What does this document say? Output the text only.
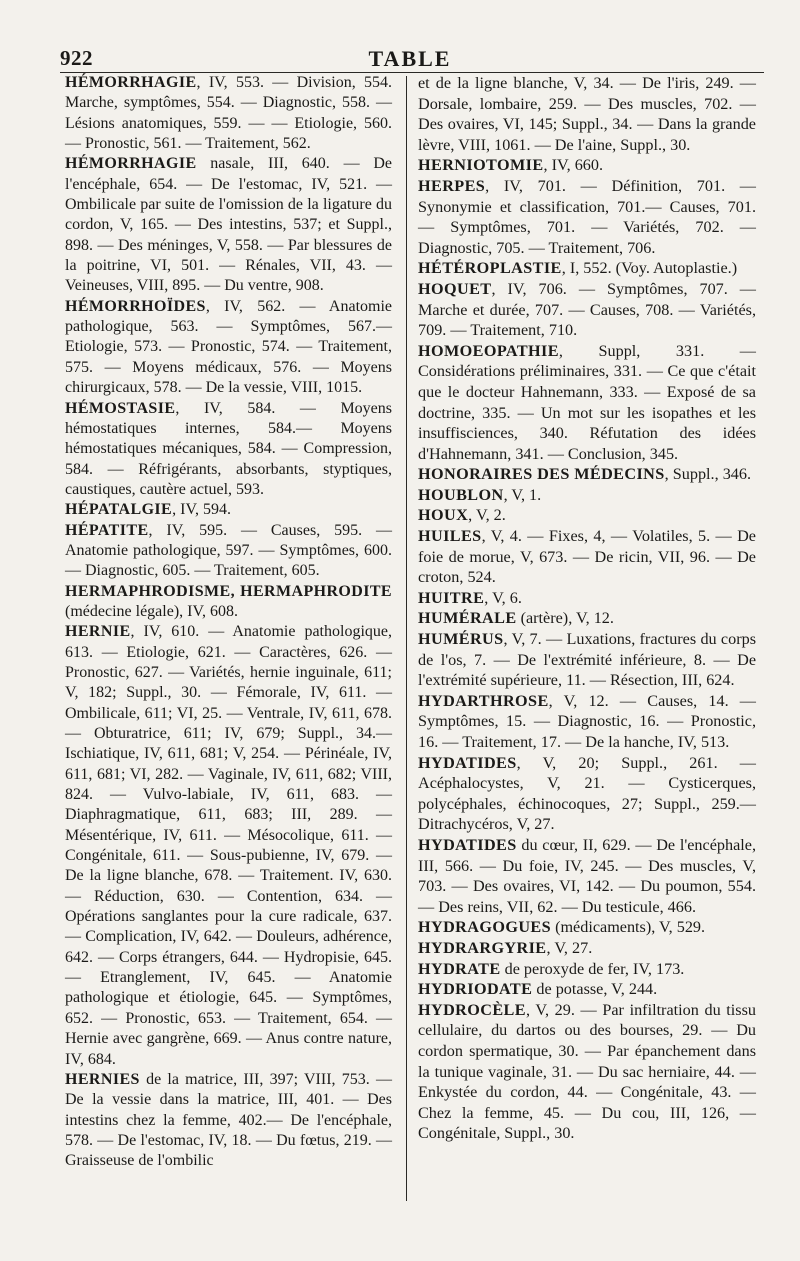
922	TABLE
HÉMORRHAGIE, IV, 553. — Division, 554. Marche, symptômes, 554. — Diagnostic, 558. — Lésions anatomiques, 559. — — Etiologie, 560. — Pronostic, 561. — Traitement, 562.
HÉMORRHAGIE nasale, III, 640. — De l'encéphale, 654. — De l'estomac, IV, 521. — Ombilicale par suite de l'omission de la ligature du cordon, V, 165. — Des intestins, 537; et Suppl., 898. — Des méninges, V, 558. — Par blessures de la poitrine, VI, 501. — Rénales, VII, 43. — Veineuses, VIII, 895. — Du ventre, 908.
HÉMORRHOÏDES, IV, 562. — Anatomie pathologique, 563. — Symptômes, 567.— Etiologie, 573. — Pronostic, 574. — Traitement, 575. — Moyens médicaux, 576. — Moyens chirurgicaux, 578. — De la vessie, VIII, 1015.
HÉMOSTASIE, IV, 584. — Moyens hémostatiques internes, 584.— Moyens hémostatiques mécaniques, 584. — Compression, 584. — Réfrigérants, absorbants, styptiques, caustiques, cautère actuel, 593.
HÉPATALGIE, IV, 594.
HÉPATITE, IV, 595. — Causes, 595. — Anatomie pathologique, 597. — Symptômes, 600. — Diagnostic, 605. — Traitement, 605.
HERMAPHRODISME, HERMAPHRODITE (médecine légale), IV, 608.
HERNIE, IV, 610. — Anatomie pathologique, 613. — Etiologie, 621. — Caractères, 626. — Pronostic, 627. — Variétés, hernie inguinale, 611; V, 182; Suppl., 30. — Fémorale, IV, 611. — Ombilicale, 611; VI, 25. — Ventrale, IV, 611, 678. — Obturatrice, 611; IV, 679; Suppl., 34.— Ischiatique, IV, 611, 681; V, 254. — Périnéale, IV, 611, 681; VI, 282. — Vaginale, IV, 611, 682; VIII, 824. — Vulvo-labiale, IV, 611, 683. — Diaphragmatique, 611, 683; III, 289. — Mésentérique, IV, 611. — Mésocolique, 611. — Congénitale, 611. — Sous-pubienne, IV, 679. — De la ligne blanche, 678. — Traitement. IV, 630. — Réduction, 630. — Contention, 634. — Opérations sanglantes pour la cure radicale, 637. — Complication, IV, 642. — Douleurs, adhérence, 642. — Corps étrangers, 644. — Hydropisie, 645. — Etranglement, IV, 645. — Anatomie pathologique et étiologie, 645. — Symptômes, 652. — Pronostic, 653. — Traitement, 654. — Hernie avec gangrène, 669. — Anus contre nature, IV, 684.
HERNIES de la matrice, III, 397; VIII, 753. — De la vessie dans la matrice, III, 401. — Des intestins chez la femme, 402.— De l'encéphale, 578. — De l'estomac, IV, 18. — Du fœtus, 219. — Graisseuse de l'ombilic
et de la ligne blanche, V, 34. — De l'iris, 249. — Dorsale, lombaire, 259. — Des muscles, 702. — Des ovaires, VI, 145; Suppl., 34. — Dans la grande lèvre, VIII, 1061. — De l'aine, Suppl., 30.
HERNIOTOMIE, IV, 660.
HERPES, IV, 701. — Définition, 701. — Synonymie et classification, 701.— Causes, 701. — Symptômes, 701. — Variétés, 702. — Diagnostic, 705. — Traitement, 706.
HÉTÉROPLASTIE, I, 552. (Voy. Autoplastie.)
HOQUET, IV, 706. — Symptômes, 707. — Marche et durée, 707. — Causes, 708. — Variétés, 709. — Traitement, 710.
HOMOEOPATHIE, Suppl, 331. — Considérations préliminaires, 331. — Ce que c'était que le docteur Hahnemann, 333. — Exposé de sa doctrine, 335. — Un mot sur les isopathes et les insuffisciences, 340. Réfutation des idées d'Hahnemann, 341. — Conclusion, 345.
HONORAIRES DES MÉDECINS, Suppl., 346.
HOUBLON, V, 1.
HOUX, V, 2.
HUILES, V, 4. — Fixes, 4, — Volatiles, 5. — De foie de morue, V, 673. — De ricin, VII, 96. — De croton, 524.
HUITRE, V, 6.
HUMÉRALE (artère), V, 12.
HUMÉRUS, V, 7. — Luxations, fractures du corps de l'os, 7. — De l'extrémité inférieure, 8. — De l'extrémité supérieure, 11. — Résection, III, 624.
HYDARTHROSE, V, 12. — Causes, 14. — Symptômes, 15. — Diagnostic, 16. — Pronostic, 16. — Traitement, 17. — De la hanche, IV, 513.
HYDATIDES, V, 20; Suppl., 261. — Acéphalocystes, V, 21. — Cysticerques, polycéphales, échinocoques, 27; Suppl., 259.— Ditrachycéros, V, 27.
HYDATIDES du cœur, II, 629. — De l'encéphale, III, 566. — Du foie, IV, 245. — Des muscles, V, 703. — Des ovaires, VI, 142. — Du poumon, 554. — Des reins, VII, 62. — Du testicule, 466.
HYDRAGOGUES (médicaments), V, 529.
HYDRARGYRIE, V, 27.
HYDRATE de peroxyde de fer, IV, 173.
HYDRIODATE de potasse, V, 244.
HYDROCÈLE, V, 29. — Par infiltration du tissu cellulaire, du dartos ou des bourses, 29. — Du cordon spermatique, 30. — Par épanchement dans la tunique vaginale, 31. — Du sac herniaire, 44. — Enkystée du cordon, 44. — Congénitale, 43. — Chez la femme, 45. — Du cou, III, 126, — Congénitale, Suppl., 30.
